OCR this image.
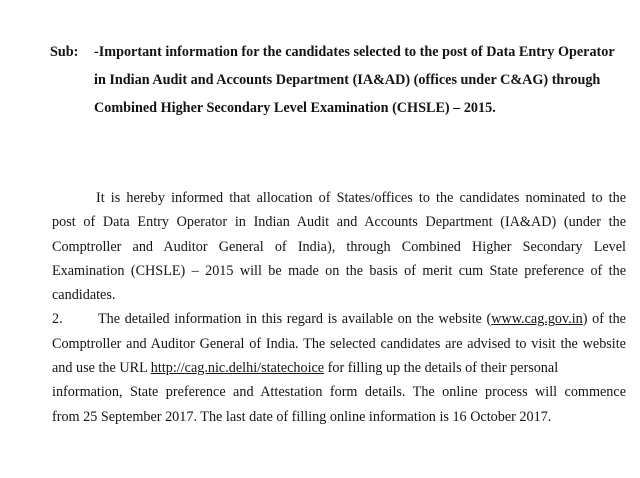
Sub: -Important information for the candidates selected to the post of Data Entry Operator
in Indian Audit and Accounts Department (IA&AD) (offices under C&AG) through
Combined Higher Secondary Level Examination (CHSLE) – 2015.
It is hereby informed that allocation of States/offices to the candidates nominated to the
post of Data Entry Operator in Indian Audit and Accounts Department (IA&AD) (under the
Comptroller and Auditor General of India), through Combined Higher Secondary Level
Examination (CHSLE) – 2015 will be made on the basis of merit cum State preference of the
candidates.
2. The detailed information in this regard is available on the website (www.cag.gov.in) of the
Comptroller and Auditor General of India. The selected candidates are advised to visit the website
and use the URL http://cag.nic.delhi/statechoice for filling up the details of their personal
information, State preference and Attestation form details. The online process will commence
from 25 September 2017. The last date of filling online information is 16 October 2017.
